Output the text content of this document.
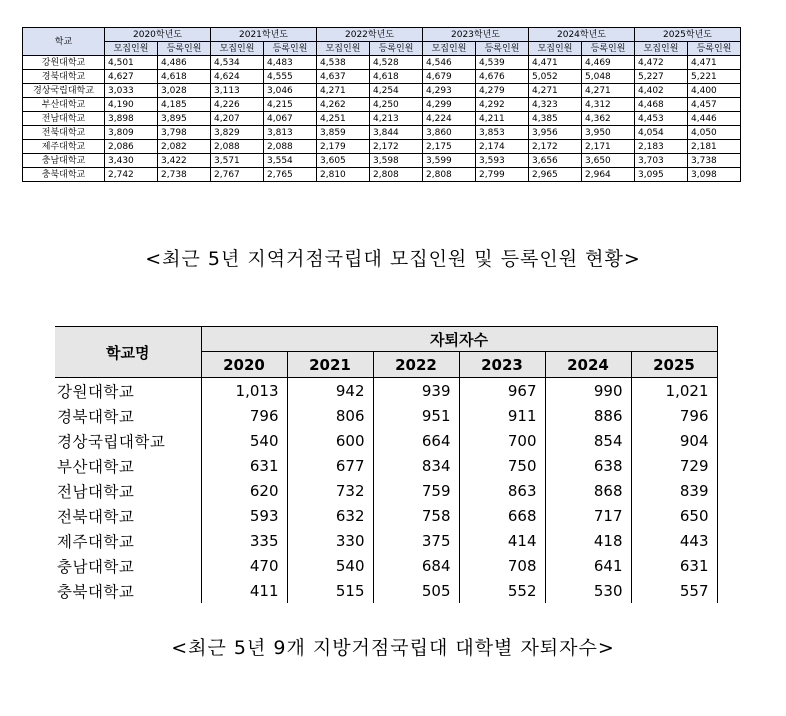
학교	2020학년도		2021학년도		2022학년도		2023학년도		2024학년도		2025학년도	
	모집인원	등록인원	모집인원	등록인원	모집인원	등록인원	모집인원	등록인원	모집인원	등록인원	모집인원	등록인원
강원대학교	4,501	4,486	4,534	4,483	4,538	4,528	4,546	4,539	4,471	4,469	4,472	4,471
경북대학교	4,627	4,618	4,624	4,555	4,637	4,618	4,679	4,676	5,052	5,048	5,227	5,221
경상국립대학교	3,033	3,028	3,113	3,046	4,271	4,254	4,293	4,279	4,271	4,271	4,402	4,400
부산대학교	4,190	4,185	4,226	4,215	4,262	4,250	4,299	4,292	4,323	4,312	4,468	4,457
전남대학교	3,898	3,895	4,207	4,067	4,251	4,213	4,224	4,211	4,385	4,362	4,453	4,446
전북대학교	3,809	3,798	3,829	3,813	3,859	3,844	3,860	3,853	3,956	3,950	4,054	4,050
제주대학교	2,086	2,082	2,088	2,088	2,179	2,172	2,175	2,174	2,172	2,171	2,183	2,181
충남대학교	3,430	3,422	3,571	3,554	3,605	3,598	3,599	3,593	3,656	3,650	3,703	3,738
충북대학교	2,742	2,738	2,767	2,765	2,810	2,808	2,808	2,799	2,965	2,964	3,095	3,098
<최근 5년 지역거점국립대 모집인원 및 등록인원 현황>
학교명	자퇴자수					
	2020	2021	2022	2023	2024	2025
강원대학교	1,013	942	939	967	990	1,021
경북대학교	796	806	951	911	886	796
경상국립대학교	540	600	664	700	854	904
부산대학교	631	677	834	750	638	729
전남대학교	620	732	759	863	868	839
전북대학교	593	632	758	668	717	650
제주대학교	335	330	375	414	418	443
충남대학교	470	540	684	708	641	631
충북대학교	411	515	505	552	530	557
<최근 5년 9개 지방거점국립대 대학별 자퇴자수>
